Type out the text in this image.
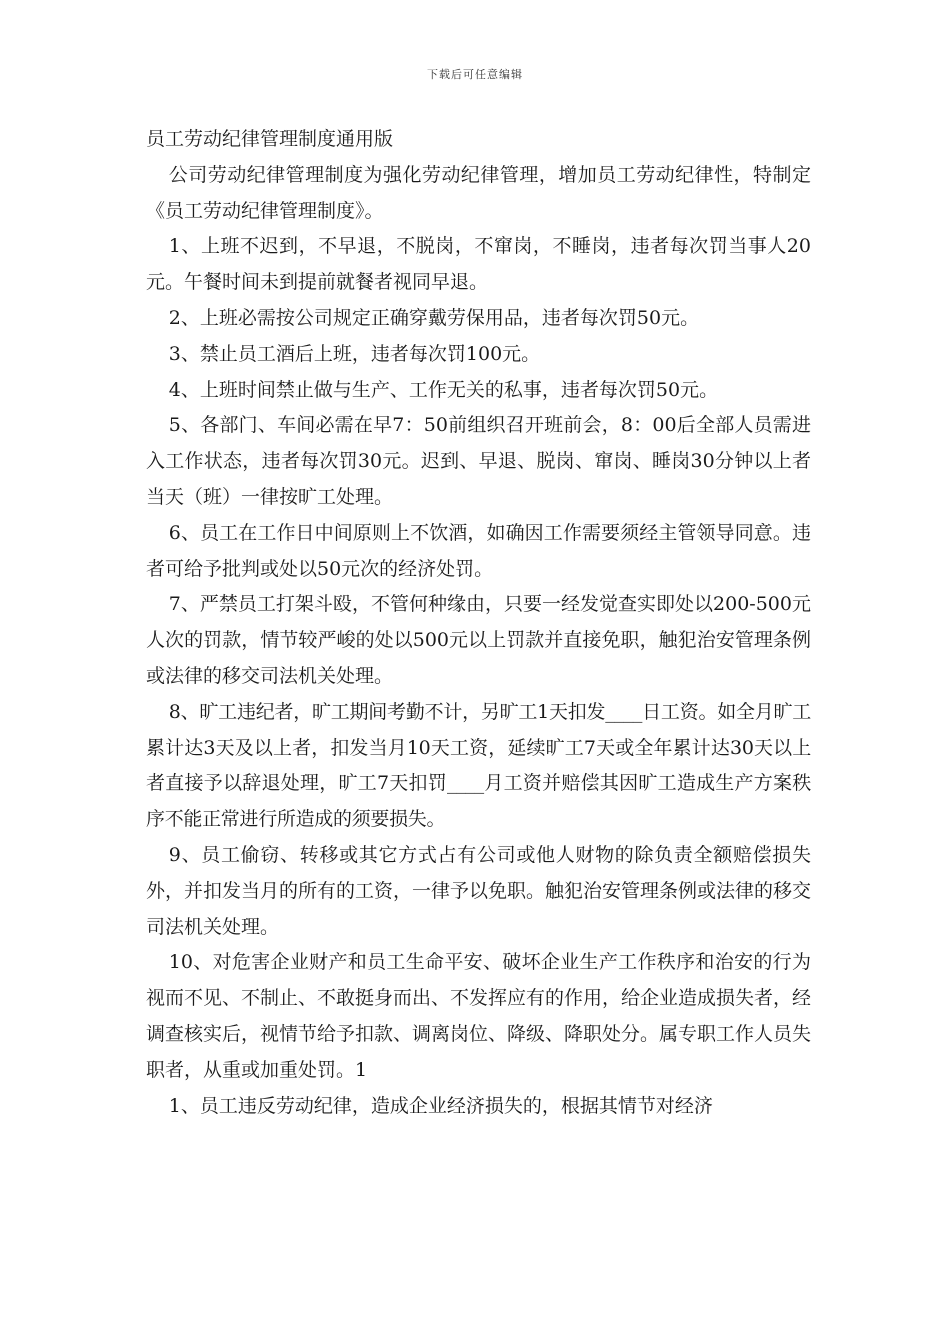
下载后可任意编辑
员工劳动纪律管理制度通用版

公司劳动纪律管理制度为强化劳动纪律管理，增加员工劳动纪律性，特制定《员工劳动纪律管理制度》。

1、上班不迟到，不早退，不脱岗，不窜岗，不睡岗，违者每次罚当事人20元。午餐时间未到提前就餐者视同早退。

2、上班必需按公司规定正确穿戴劳保用品，违者每次罚50元。

3、禁止员工酒后上班，违者每次罚100元。

4、上班时间禁止做与生产、工作无关的私事，违者每次罚50元。

5、各部门、车间必需在早7：50前组织召开班前会，8：00后全部人员需进入工作状态，违者每次罚30元。迟到、早退、脱岗、窜岗、睡岗30分钟以上者当天（班）一律按旷工处理。

6、员工在工作日中间原则上不饮酒，如确因工作需要须经主管领导同意。违者可给予批判或处以50元次的经济处罚。

7、严禁员工打架斗殴，不管何种缘由，只要一经发觉查实即处以200-500元人次的罚款，情节较严峻的处以500元以上罚款并直接免职，触犯治安管理条例或法律的移交司法机关处理。

8、旷工违纪者，旷工期间考勤不计，另旷工1天扣发____日工资。如全月旷工累计达3天及以上者，扣发当月10天工资，延续旷工7天或全年累计达30天以上者直接予以辞退处理，旷工7天扣罚____月工资并赔偿其因旷工造成生产方案秩序不能正常进行所造成的须要损失。

9、员工偷窃、转移或其它方式占有公司或他人财物的除负责全额赔偿损失外，并扣发当月的所有的工资，一律予以免职。触犯治安管理条例或法律的移交司法机关处理。

10、对危害企业财产和员工生命平安、破坏企业生产工作秩序和治安的行为视而不见、不制止、不敢挺身而出、不发挥应有的作用，给企业造成损失者，经调查核实后，视情节给予扣款、调离岗位、降级、降职处分。属专职工作人员失职者，从重或加重处罚。1

1、员工违反劳动纪律，造成企业经济损失的，根据其情节对经济
